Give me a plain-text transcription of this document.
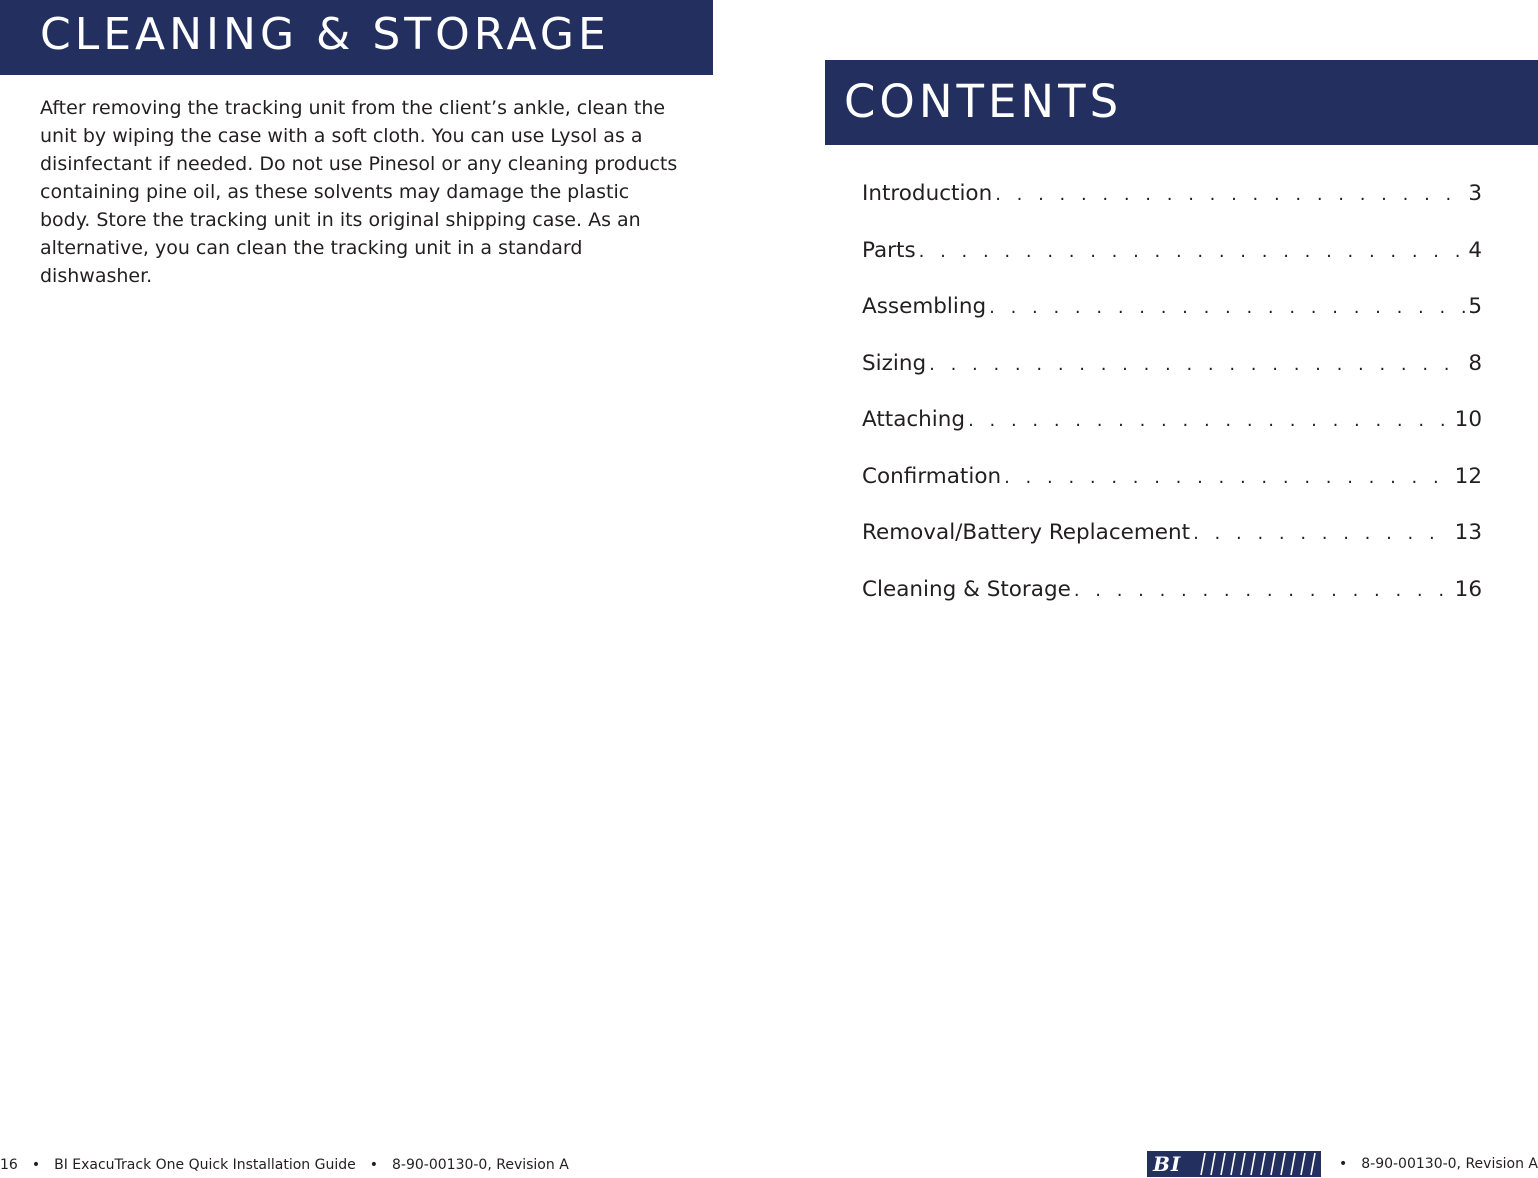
CLEANING & STORAGE

After removing the tracking unit from the client’s ankle, clean the unit by wiping the case with a soft cloth. You can use Lysol as a disinfectant if needed. Do not use Pinesol or any cleaning products containing pine oil, as these solvents may damage the plastic body. Store the tracking unit in its original shipping case. As an alternative, you can clean the tracking unit in a standard dishwasher.

CONTENTS
Introduction . . .	3
Parts . . .	4
Assembling . . .	5
Sizing . . .	8
Attaching . . .	10
Confirmation . . .	12
Removal/Battery Replacement . . .	13
Cleaning & Storage . . .	16
16 • BI ExacuTrack One Quick Installation Guide • 8-90-00130-0, Revision A	BI	• 8-90-00130-0, Revision A
